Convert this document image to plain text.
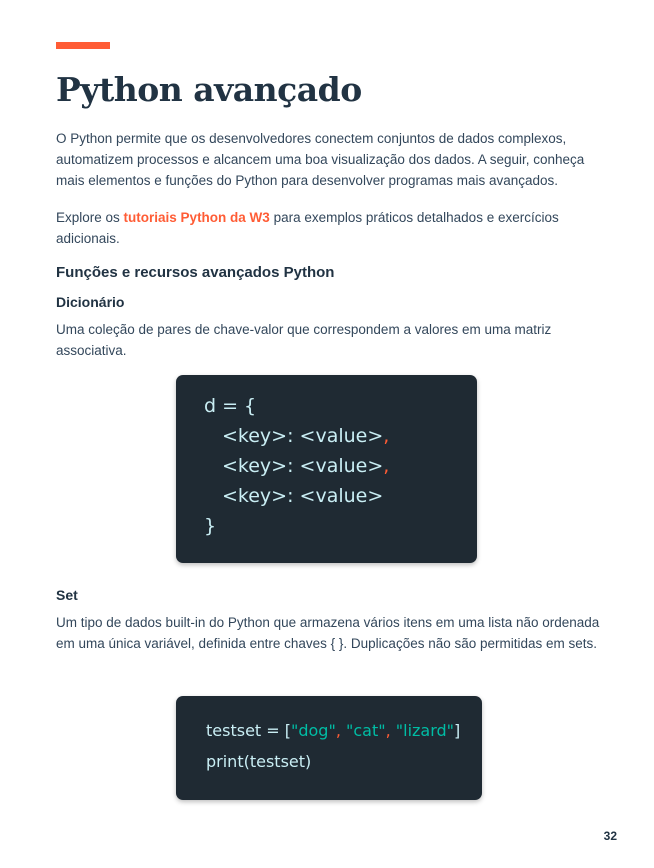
Python avançado

O Python permite que os desenvolvedores conectem conjuntos de dados complexos, automatizem processos e alcancem uma boa visualização dos dados. A seguir, conheça mais elementos e funções do Python para desenvolver programas mais avançados.

Explore os tutoriais Python da W3 para exemplos práticos detalhados e exercícios adicionais.

Funções e recursos avançados Python

Dicionário

Uma coleção de pares de chave-valor que correspondem a valores em uma matriz associativa.

d = {
<key>: <value>,
<key>: <value>,
<key>: <value>
}

Set

Um tipo de dados built-in do Python que armazena vários itens em uma lista não ordenada em uma única variável, definida entre chaves { }. Duplicações não são permitidas em sets.

testset = ["dog", "cat", "lizard"]
print(testset)
32
